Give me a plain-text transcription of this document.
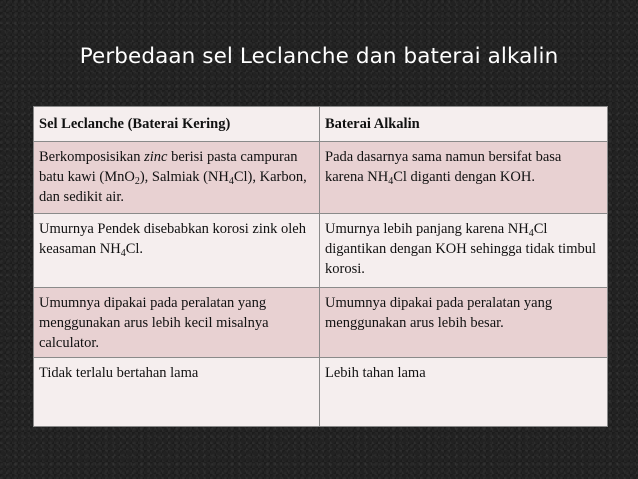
Perbedaan sel Leclanche dan baterai alkalin
Sel Leclanche (Baterai Kering)	Baterai Alkalin
Berkomposisikan zinc berisi pasta campuran batu kawi (MnO$_2$), Salmiak $(NH_4Cl)$, Karbon, dan sedikit air.	Pada dasarnya sama namun bersifat basa karena $NH_4Cl$ diganti dengan KOH.
Umurnya Pendek disebabkan korosi zink oleh keasaman $NH_4Cl$.	Umurnya lebih panjang karena $NH_4Cl$ digantikan dengan KOH sehingga tidak timbul korosi.
Umumnya dipakai pada peralatan yang menggunakan arus lebih kecil misalnya calculator.	Umumnya dipakai pada peralatan yang menggunakan arus lebih besar.
Tidak terlalu bertahan lama	Lebih tahan lama
